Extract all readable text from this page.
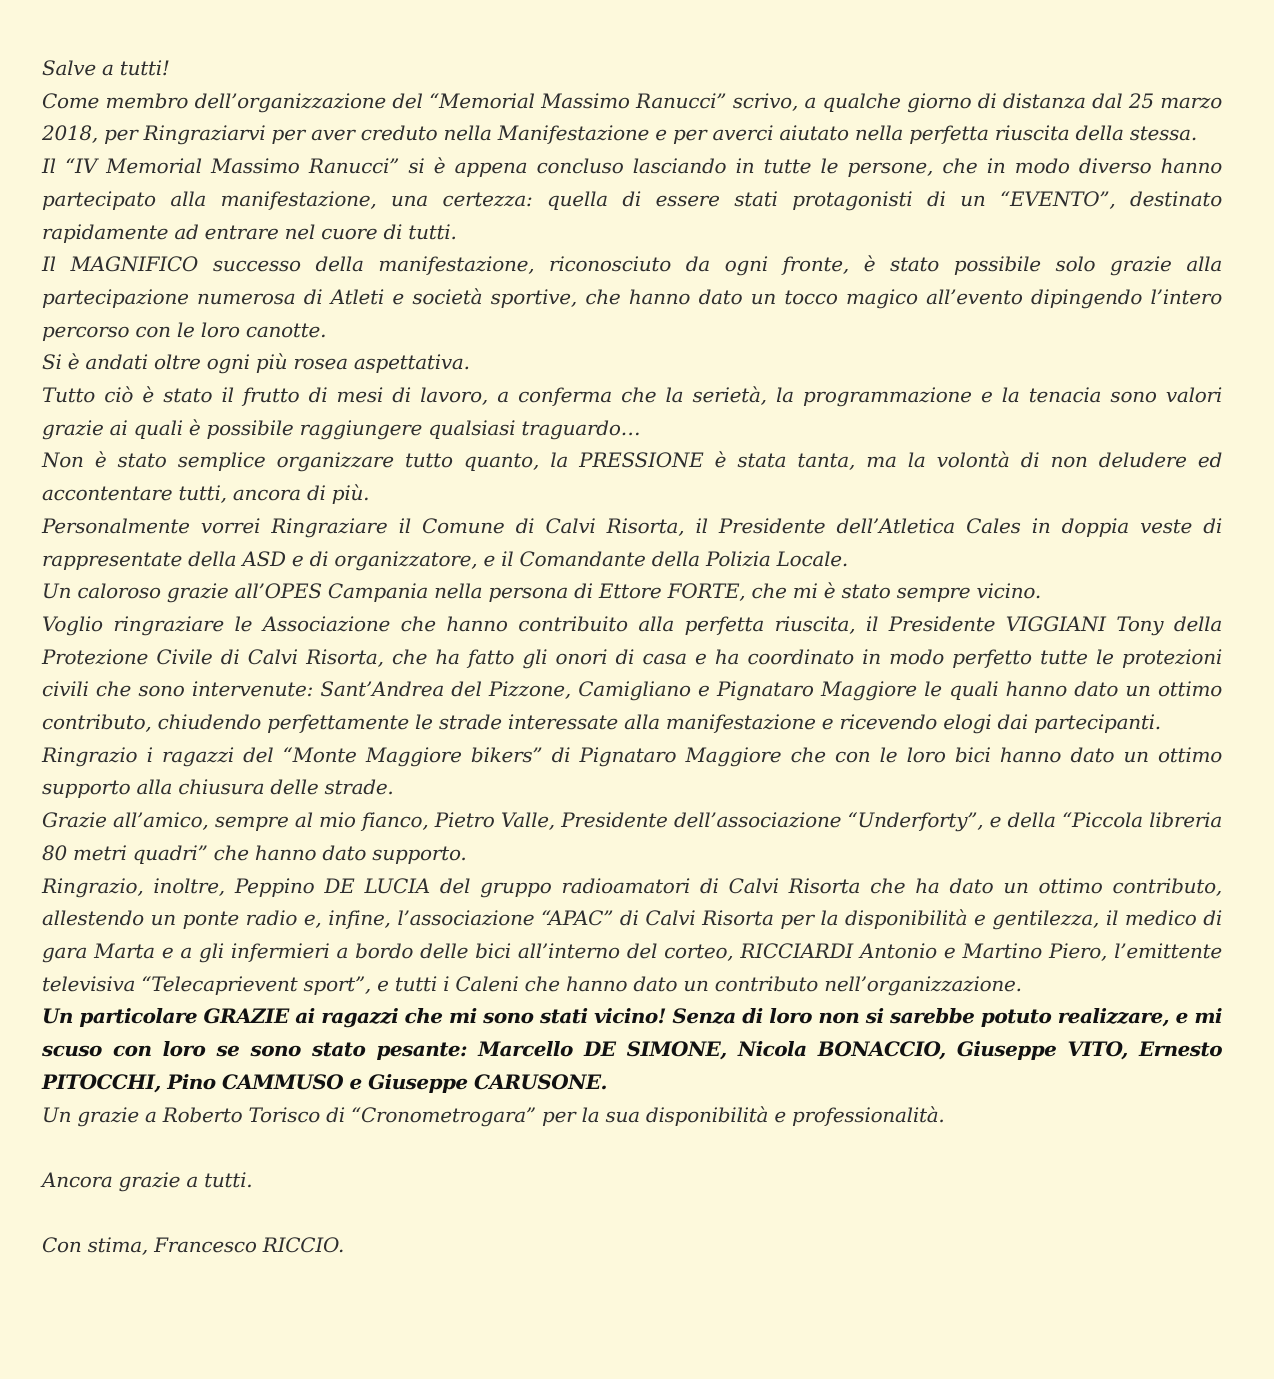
Salve a tutti!

Come membro dell’organizzazione del “Memorial Massimo Ranucci” scrivo, a qualche giorno di distanza dal 25 marzo 2018, per Ringraziarvi per aver creduto nella Manifestazione e per averci aiutato nella perfetta riuscita della stessa.

Il “IV Memorial Massimo Ranucci” si è appena concluso lasciando in tutte le persone, che in modo diverso hanno partecipato alla manifestazione, una certezza: quella di essere stati protagonisti di un “EVENTO”, destinato rapidamente ad entrare nel cuore di tutti.

Il MAGNIFICO successo della manifestazione, riconosciuto da ogni fronte, è stato possibile solo grazie alla partecipazione numerosa di Atleti e società sportive, che hanno dato un tocco magico all’evento dipingendo l’intero percorso con le loro canotte.

Si è andati oltre ogni più rosea aspettativa.

Tutto ciò è stato il frutto di mesi di lavoro, a conferma che la serietà, la programmazione e la tenacia sono valori grazie ai quali è possibile raggiungere qualsiasi traguardo…

Non è stato semplice organizzare tutto quanto, la PRESSIONE è stata tanta, ma la volontà di non deludere ed accontentare tutti, ancora di più.

Personalmente vorrei Ringraziare il Comune di Calvi Risorta, il Presidente dell’Atletica Cales in doppia veste di rappresentate della ASD e di organizzatore, e il Comandante della Polizia Locale.

Un caloroso grazie all’OPES Campania nella persona di Ettore FORTE, che mi è stato sempre vicino.

Voglio ringraziare le Associazione che hanno contribuito alla perfetta riuscita, il Presidente VIGGIANI Tony della Protezione Civile di Calvi Risorta, che ha fatto gli onori di casa e ha coordinato in modo perfetto tutte le protezioni civili che sono intervenute: Sant’Andrea del Pizzone, Camigliano e Pignataro Maggiore le quali hanno dato un ottimo contributo, chiudendo perfettamente le strade interessate alla manifestazione e ricevendo elogi dai partecipanti.

Ringrazio i ragazzi del “Monte Maggiore bikers” di Pignataro Maggiore che con le loro bici hanno dato un ottimo supporto alla chiusura delle strade.

Grazie all’amico, sempre al mio fianco, Pietro Valle, Presidente dell’associazione “Underforty”, e della “Piccola libreria 80 metri quadri” che hanno dato supporto.

Ringrazio, inoltre, Peppino DE LUCIA del gruppo radioamatori di Calvi Risorta che ha dato un ottimo contributo, allestendo un ponte radio e, infine, l’associazione “APAC” di Calvi Risorta per la disponibilità e gentilezza, il medico di gara Marta e a gli infermieri a bordo delle bici all’interno del corteo, RICCIARDI Antonio e Martino Piero, l’emittente televisiva “Telecaprievent sport”, e tutti i Caleni che hanno dato un contributo nell’organizzazione.

Un particolare GRAZIE ai ragazzi che mi sono stati vicino! Senza di loro non si sarebbe potuto realizzare, e mi scuso con loro se sono stato pesante: Marcello DE SIMONE, Nicola BONACCIO, Giuseppe VITO, Ernesto PITOCCHI, Pino CAMMUSO e Giuseppe CARUSONE.

Un grazie a Roberto Torisco di “Cronometrogara” per la sua disponibilità e professionalità.

Ancora grazie a tutti.

Con stima, Francesco RICCIO.
